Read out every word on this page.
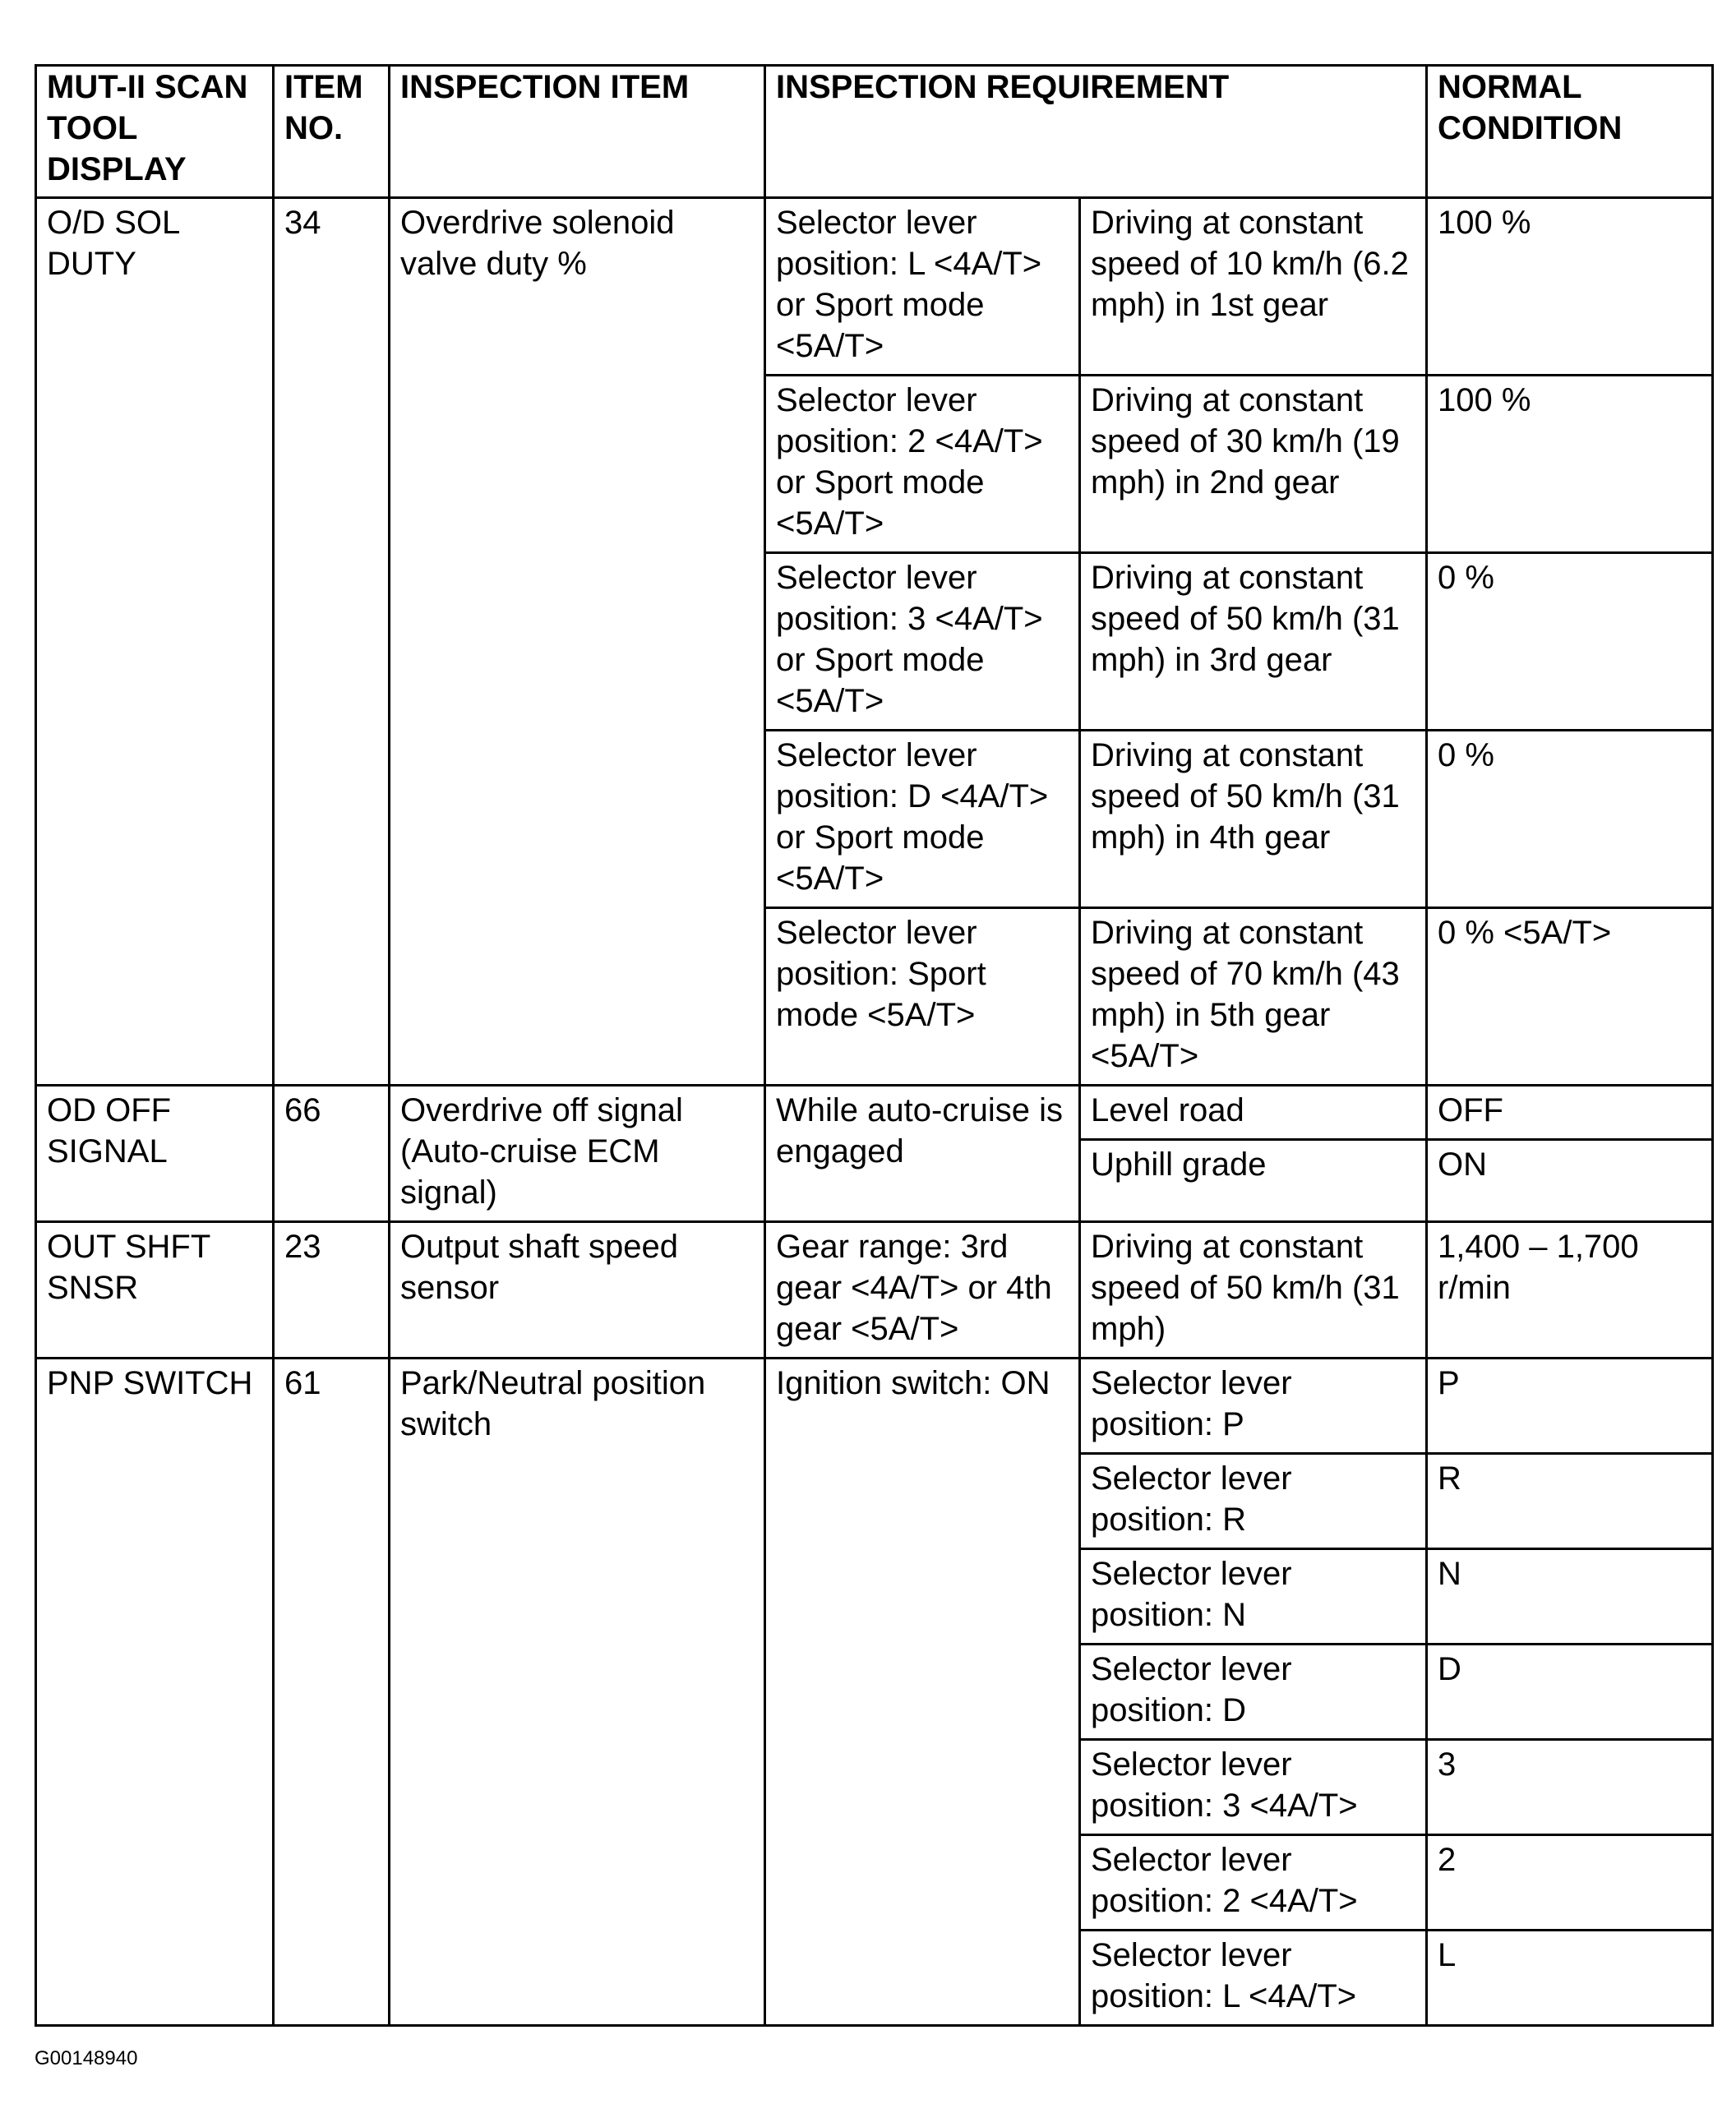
MUT-II SCAN TOOL DISPLAY	ITEM NO.	INSPECTION ITEM	INSPECTION REQUIREMENT		NORMAL CONDITION
O/D SOL DUTY	34	Overdrive solenoid valve duty %	Selector lever position: L <4A/T> or Sport mode <5A/T>	Driving at constant speed of 10 km/h (6.2 mph) in 1st gear	100 %
			Selector lever position: 2 <4A/T> or Sport mode <5A/T>	Driving at constant speed of 30 km/h (19 mph) in 2nd gear	100 %
			Selector lever position: 3 <4A/T> or Sport mode <5A/T>	Driving at constant speed of 50 km/h (31 mph) in 3rd gear	0 %
			Selector lever position: D <4A/T> or Sport mode <5A/T>	Driving at constant speed of 50 km/h (31 mph) in 4th gear	0 %
			Selector lever position: Sport mode <5A/T>	Driving at constant speed of 70 km/h (43 mph) in 5th gear <5A/T>	0 % <5A/T>
OD OFF SIGNAL	66	Overdrive off signal (Auto-cruise ECM signal)	While auto-cruise is engaged	Level road	OFF
				Uphill grade	ON
OUT SHFT SNSR	23	Output shaft speed sensor	Gear range: 3rd gear <4A/T> or 4th gear <5A/T>	Driving at constant speed of 50 km/h (31 mph)	1,400 – 1,700 r/min
PNP SWITCH	61	Park/Neutral position switch	Ignition switch: ON	Selector lever position: P	P
				Selector lever position: R	R
				Selector lever position: N	N
				Selector lever position: D	D
				Selector lever position: 3 <4A/T>	3
				Selector lever position: 2 <4A/T>	2
				Selector lever position: L <4A/T>	L
G00148940
